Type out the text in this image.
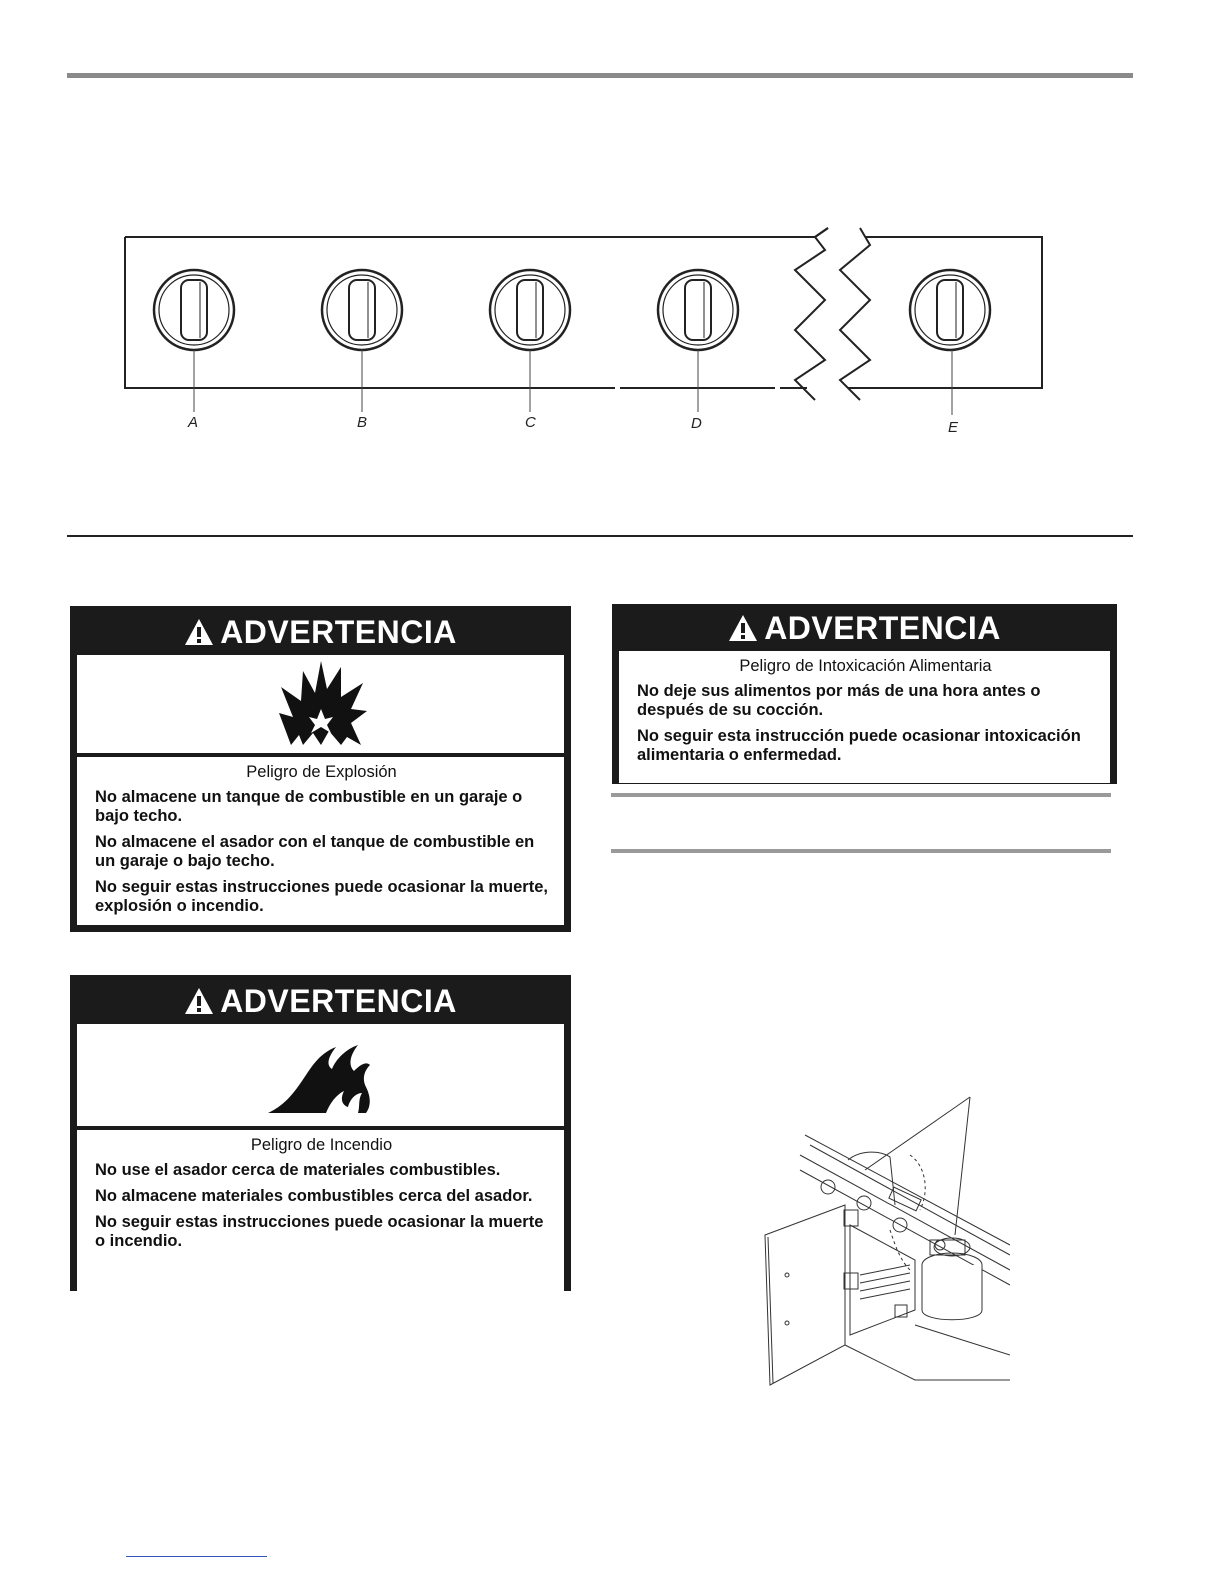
A	B	C	D	E
ADVERTENCIA
Peligro de Explosión

No almacene un tanque de combustible en un garaje o bajo techo.

No almacene el asador con el tanque de combustible en un garaje o bajo techo.

No seguir estas instrucciones puede ocasionar la muerte, explosión o incendio.

ADVERTENCIA
Peligro de Incendio

No use el asador cerca de materiales combustibles.

No almacene materiales combustibles cerca del asador.

No seguir estas instrucciones puede ocasionar la muerte o incendio.

ADVERTENCIA
Peligro de Intoxicación Alimentaria

No deje sus alimentos por más de una hora antes o después de su cocción.

No seguir esta instrucción puede ocasionar intoxicación alimentaria o enfermedad.
